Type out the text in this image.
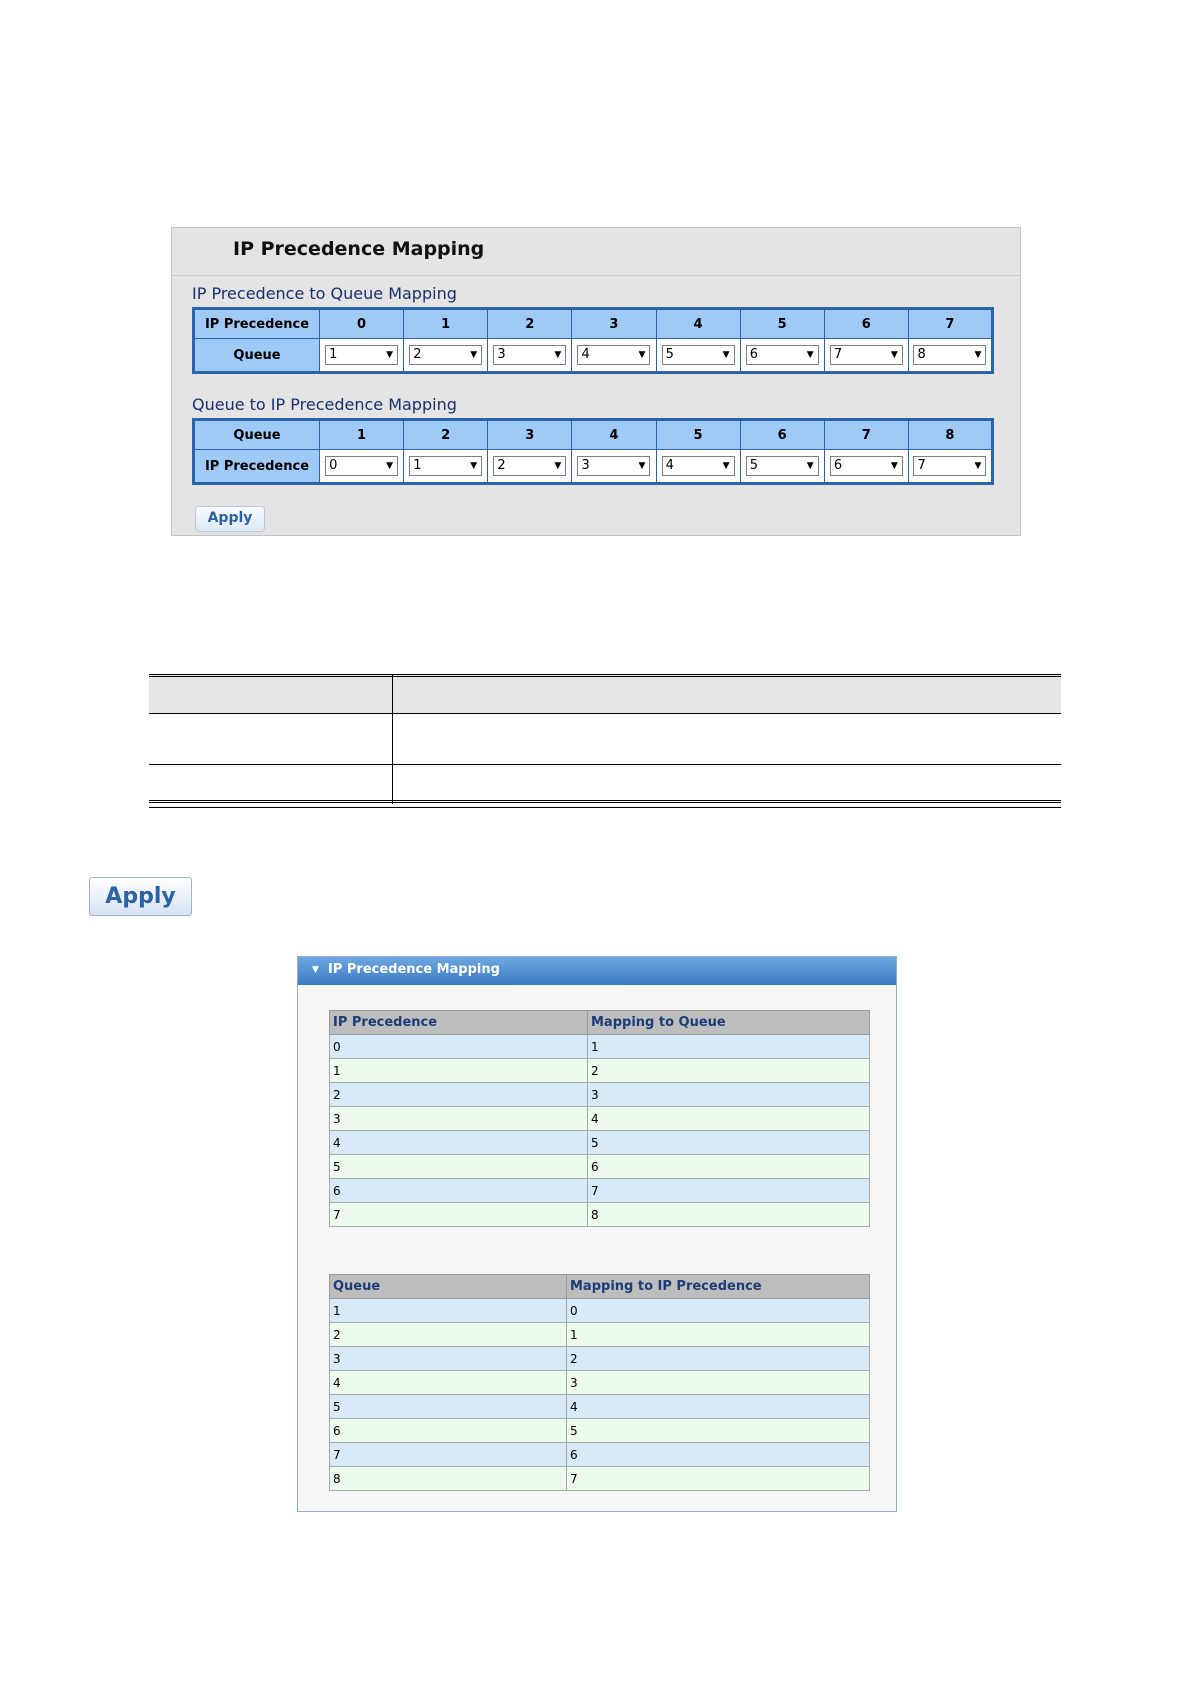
IP Precedence Mapping
IP Precedence to Queue Mapping
IP Precedence	0	1	2	3	4	5	6	7
Queue	1 ▼	2 ▼	3 ▼	4 ▼	5 ▼	6 ▼	7 ▼	8 ▼
Queue to IP Precedence Mapping
Queue	1	2	3	4	5	6	7	8
IP Precedence	0 ▼	1 ▼	2 ▼	3 ▼	4 ▼	5 ▼	6 ▼	7 ▼
Apply
Apply
▼ IP Precedence Mapping
IP Precedence	Mapping to Queue
0	1
1	2
2	3
3	4
4	5
5	6
6	7
7	8
Queue	Mapping to IP Precedence
1	0
2	1
3	2
4	3
5	4
6	5
7	6
8	7
